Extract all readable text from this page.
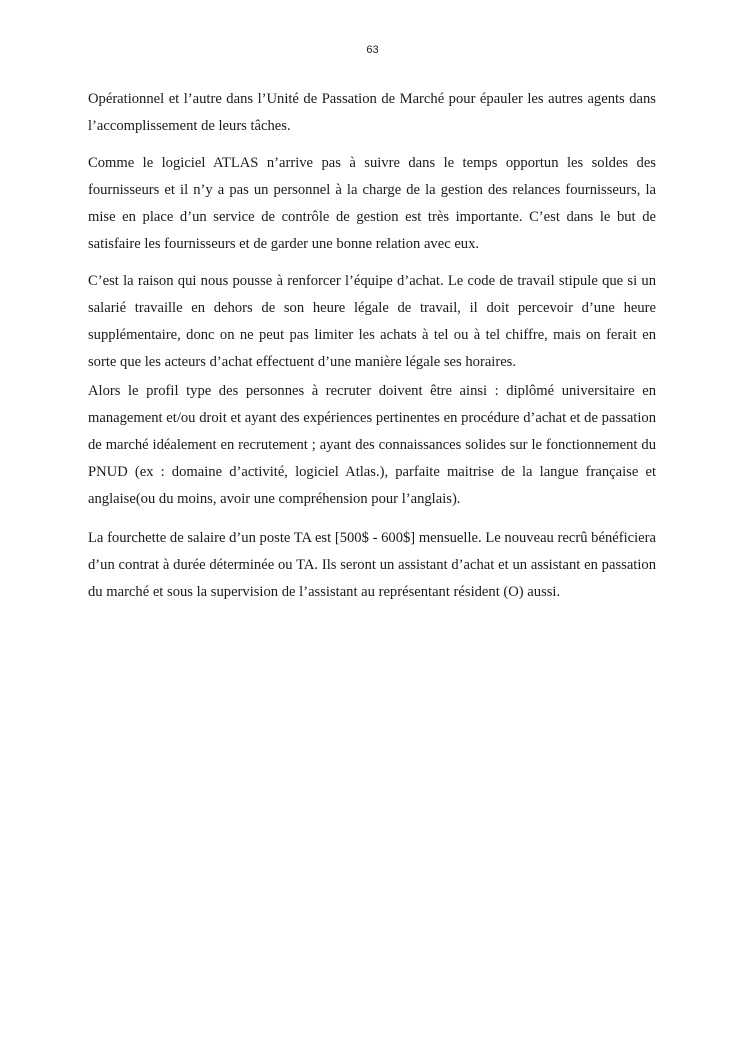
63

Opérationnel et l’autre dans l’Unité de Passation de Marché pour épauler les autres agents dans l’accomplissement de leurs tâches.

Comme le logiciel ATLAS n’arrive pas à suivre dans le temps opportun les soldes des fournisseurs et il n’y a pas un personnel à la charge de la gestion des relances fournisseurs, la mise en place d’un service de contrôle de gestion est très importante. C’est dans le but de satisfaire les fournisseurs et de garder une bonne relation avec eux.

C’est la raison qui nous pousse à renforcer l’équipe d’achat. Le code de travail stipule que si un salarié travaille en dehors de son heure légale de travail, il doit percevoir d’une heure supplémentaire, donc on ne peut pas limiter les achats à tel ou à tel chiffre, mais on ferait en sorte que les acteurs d’achat effectuent d’une manière légale ses horaires.

Alors le profil type des personnes à recruter doivent être ainsi : diplômé universitaire en management et/ou droit et ayant des expériences pertinentes en procédure d’achat et de passation de marché idéalement en recrutement ; ayant des connaissances solides sur le fonctionnement du PNUD (ex : domaine d’activité, logiciel Atlas.), parfaite maitrise de la langue française et anglaise(ou du moins, avoir une compréhension pour l’anglais).

La fourchette de salaire d’un poste TA est [500$ - 600$] mensuelle. Le nouveau recrû bénéficiera d’un contrat à durée déterminée ou TA. Ils seront un assistant d’achat et un assistant en passation du marché et sous la supervision de l’assistant au représentant résident (O) aussi.
